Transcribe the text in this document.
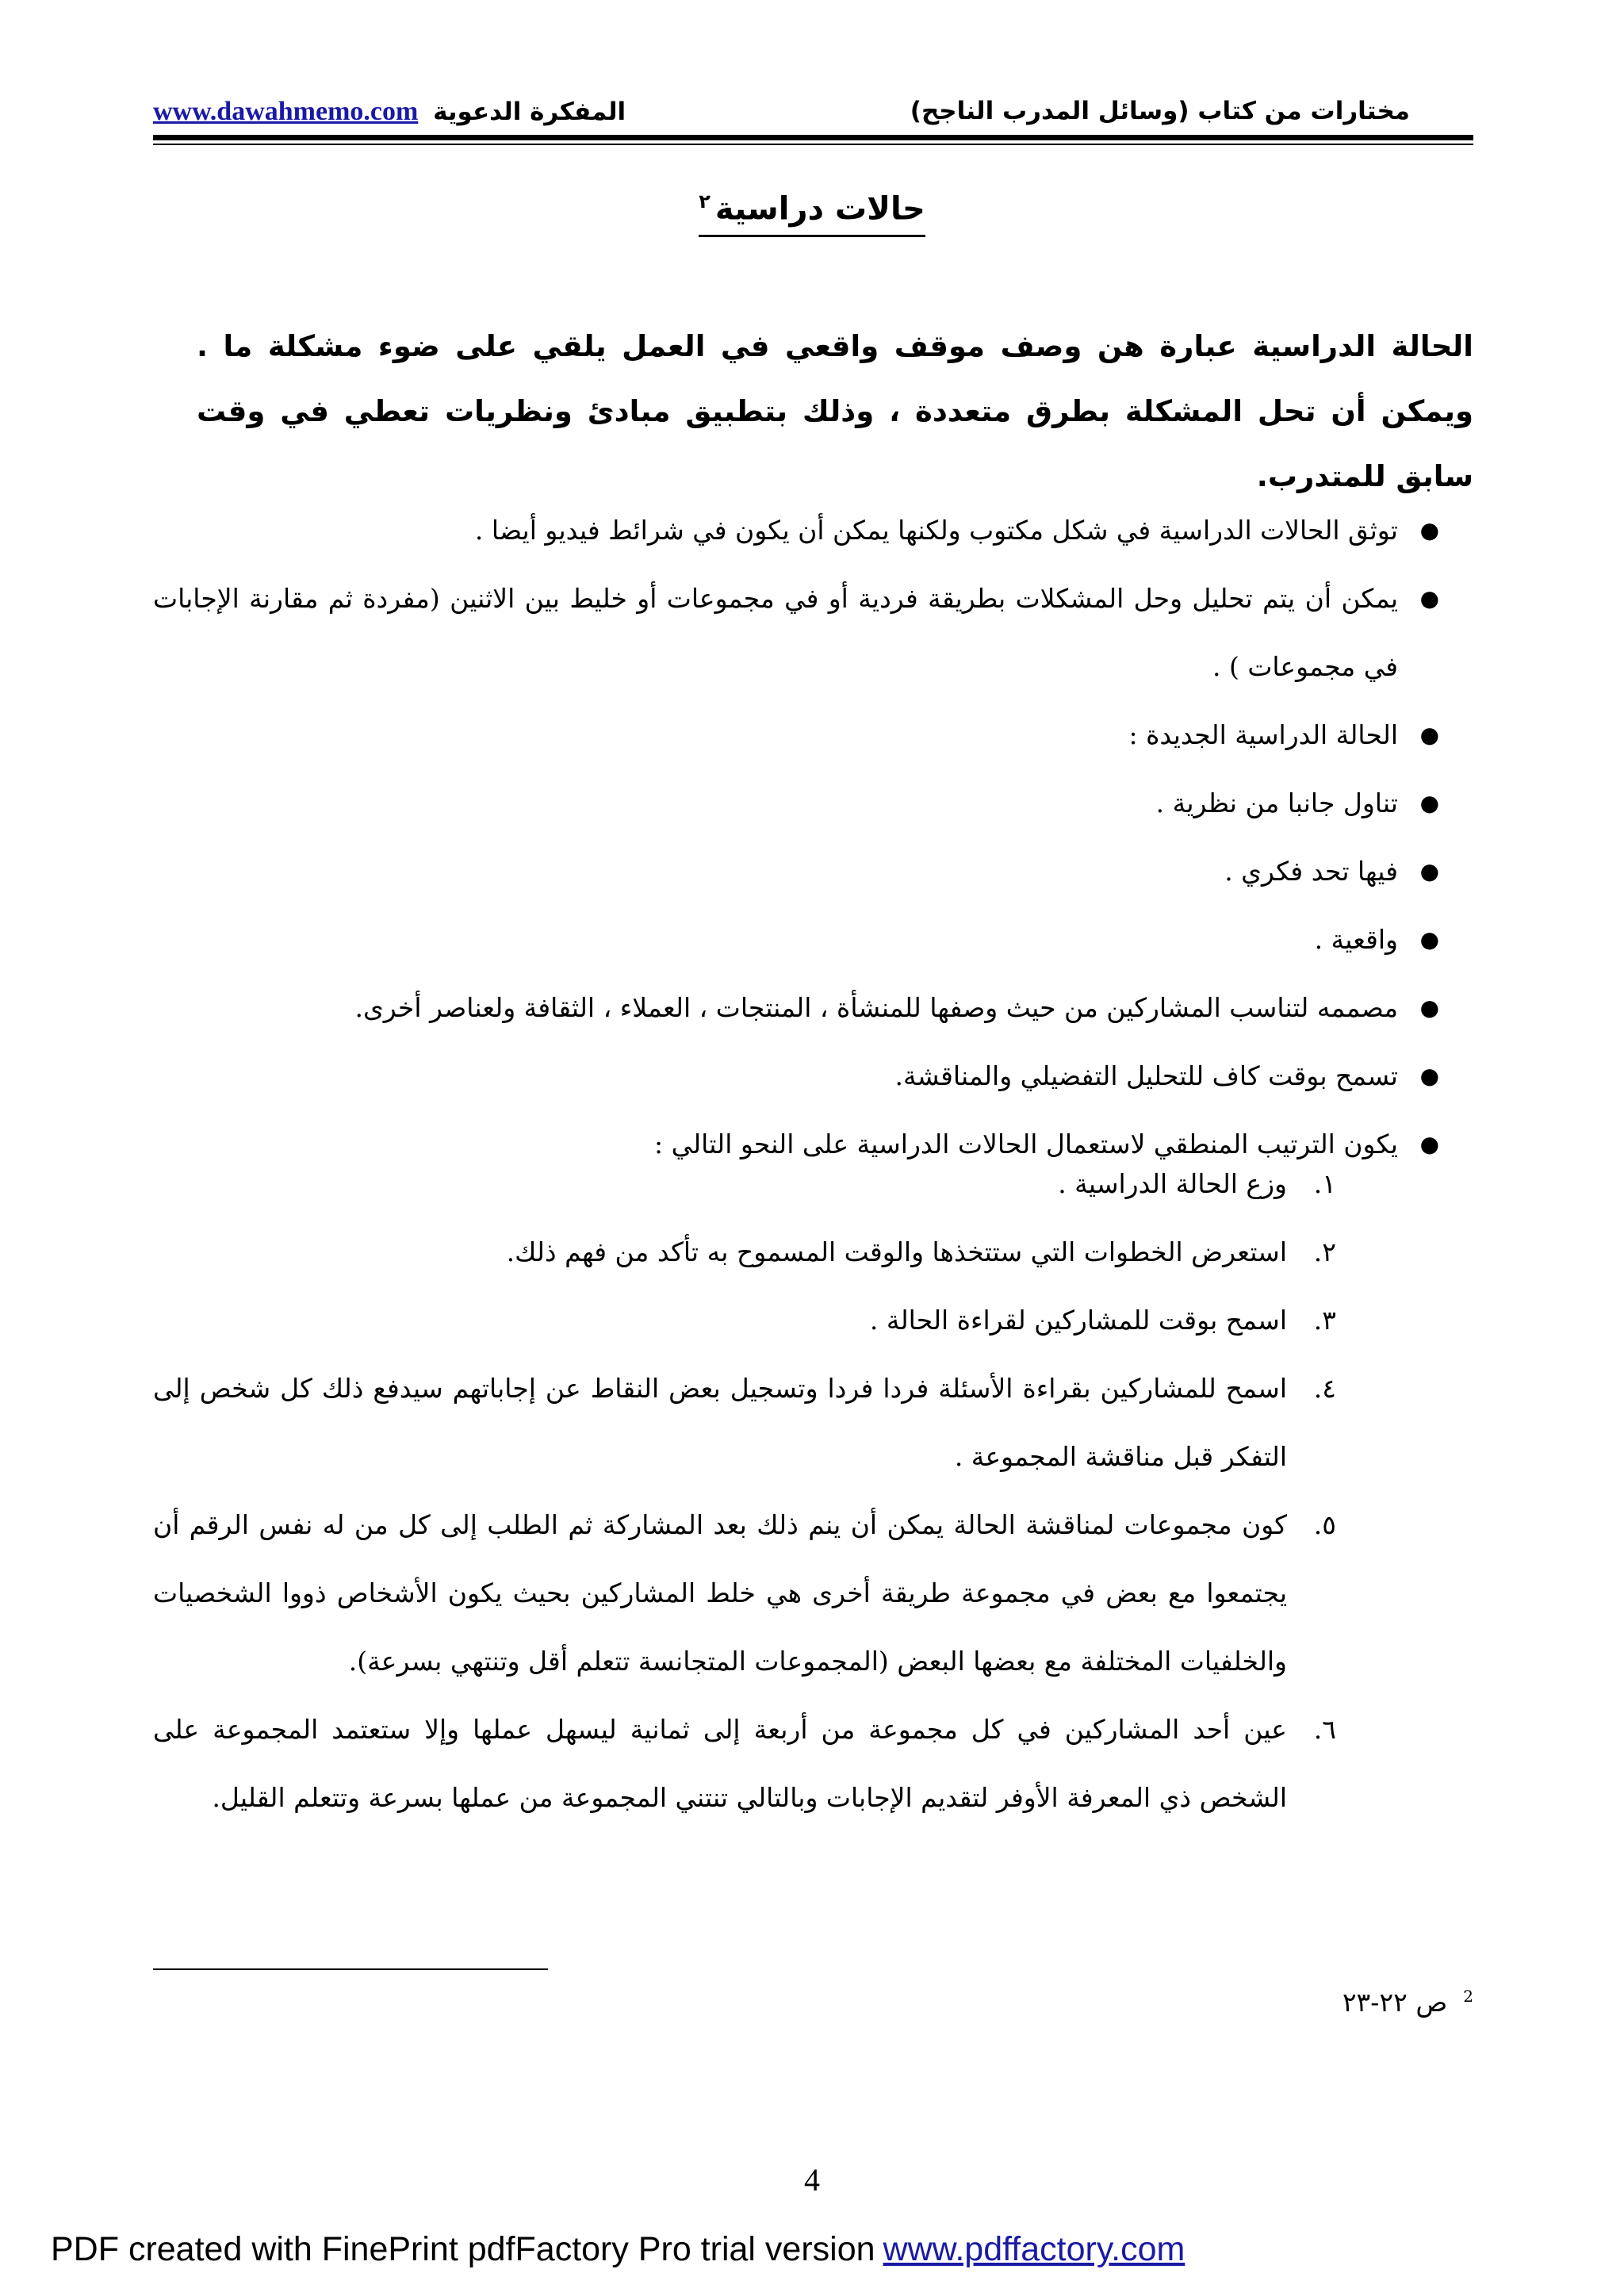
www.dawahmemo.com المفكرة الدعوية	مختارات من كتاب (وسائل المدرب الناجح)
حالات دراسية$^٢$
الحالة الدراسية عبارة هن وصف موقف واقعي في العمل يلقي على ضوء مشكلة ما . ويمكن أن تحل المشكلة بطرق متعددة ، وذلك بتطبيق مبادئ ونظريات تعطي في وقت سابق للمتدرب.
●
توثق الحالات الدراسية في شكل مكتوب ولكنها يمكن أن يكون في شرائط فيديو أيضا .
●
يمكن أن يتم تحليل وحل المشكلات بطريقة فردية أو في مجموعات أو خليط بين الاثنين (مفردة ثم مقارنة الإجابات في مجموعات ) .
●
الحالة الدراسية الجديدة :
●
تناول جانبا من نظرية .
●
فيها تحد فكري .
●
واقعية .
●
مصممه لتناسب المشاركين من حيث وصفها للمنشأة ، المنتجات ، العملاء ، الثقافة ولعناصر أخرى.
●
تسمح بوقت كاف للتحليل التفضيلي والمناقشة.
●
يكون الترتيب المنطقي لاستعمال الحالات الدراسية على النحو التالي :
١.
وزع الحالة الدراسية .
٢.
استعرض الخطوات التي ستتخذها والوقت المسموح به تأكد من فهم ذلك.
٣.
اسمح بوقت للمشاركين لقراءة الحالة .
٤.
اسمح للمشاركين بقراءة الأسئلة فردا فردا وتسجيل بعض النقاط عن إجاباتهم سيدفع ذلك كل شخص إلى التفكر قبل مناقشة المجموعة .
٥.
كون مجموعات لمناقشة الحالة يمكن أن ينم ذلك بعد المشاركة ثم الطلب إلى كل من له نفس الرقم أن يجتمعوا مع بعض في مجموعة طريقة أخرى هي خلط المشاركين بحيث يكون الأشخاص ذووا الشخصيات والخلفيات المختلفة مع بعضها البعض (المجموعات المتجانسة تتعلم أقل وتنتهي بسرعة).
٦.
عين أحد المشاركين في كل مجموعة من أربعة إلى ثمانية ليسهل عملها وإلا ستعتمد المجموعة على الشخص ذي المعرفة الأوفر لتقديم الإجابات وبالتالي تنتني المجموعة من عملها بسرعة وتتعلم القليل.
$^2$ص ٢٢-٢٣
4
PDF created with FinePrint pdfFactory Pro trial version www.pdffactory.com
